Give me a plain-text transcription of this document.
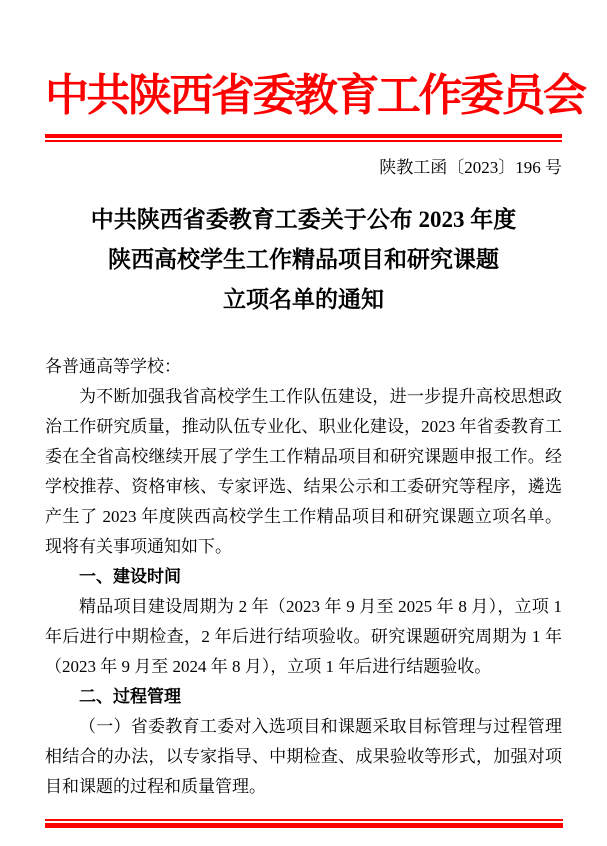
中共陕西省委教育工作委员会
陕教工函〔2023〕196 号
中共陕西省委教育工委关于公布 2023 年度
陕西高校学生工作精品项目和研究课题
立项名单的通知

各普通高等学校：

为不断加强我省高校学生工作队伍建设，进一步提升高校思想政治工作研究质量，推动队伍专业化、职业化建设，2023 年省委教育工委在全省高校继续开展了学生工作精品项目和研究课题申报工作。经学校推荐、资格审核、专家评选、结果公示和工委研究等程序，遴选产生了 2023 年度陕西高校学生工作精品项目和研究课题立项名单。现将有关事项通知如下。

一、建设时间

精品项目建设周期为 2 年（2023 年 9 月至 2025 年 8 月），立项 1 年后进行中期检查，2 年后进行结项验收。研究课题研究周期为 1 年（2023 年 9 月至 2024 年 8 月），立项 1 年后进行结题验收。

二、过程管理

（一）省委教育工委对入选项目和课题采取目标管理与过程管理相结合的办法，以专家指导、中期检查、成果验收等形式，加强对项目和课题的过程和质量管理。
